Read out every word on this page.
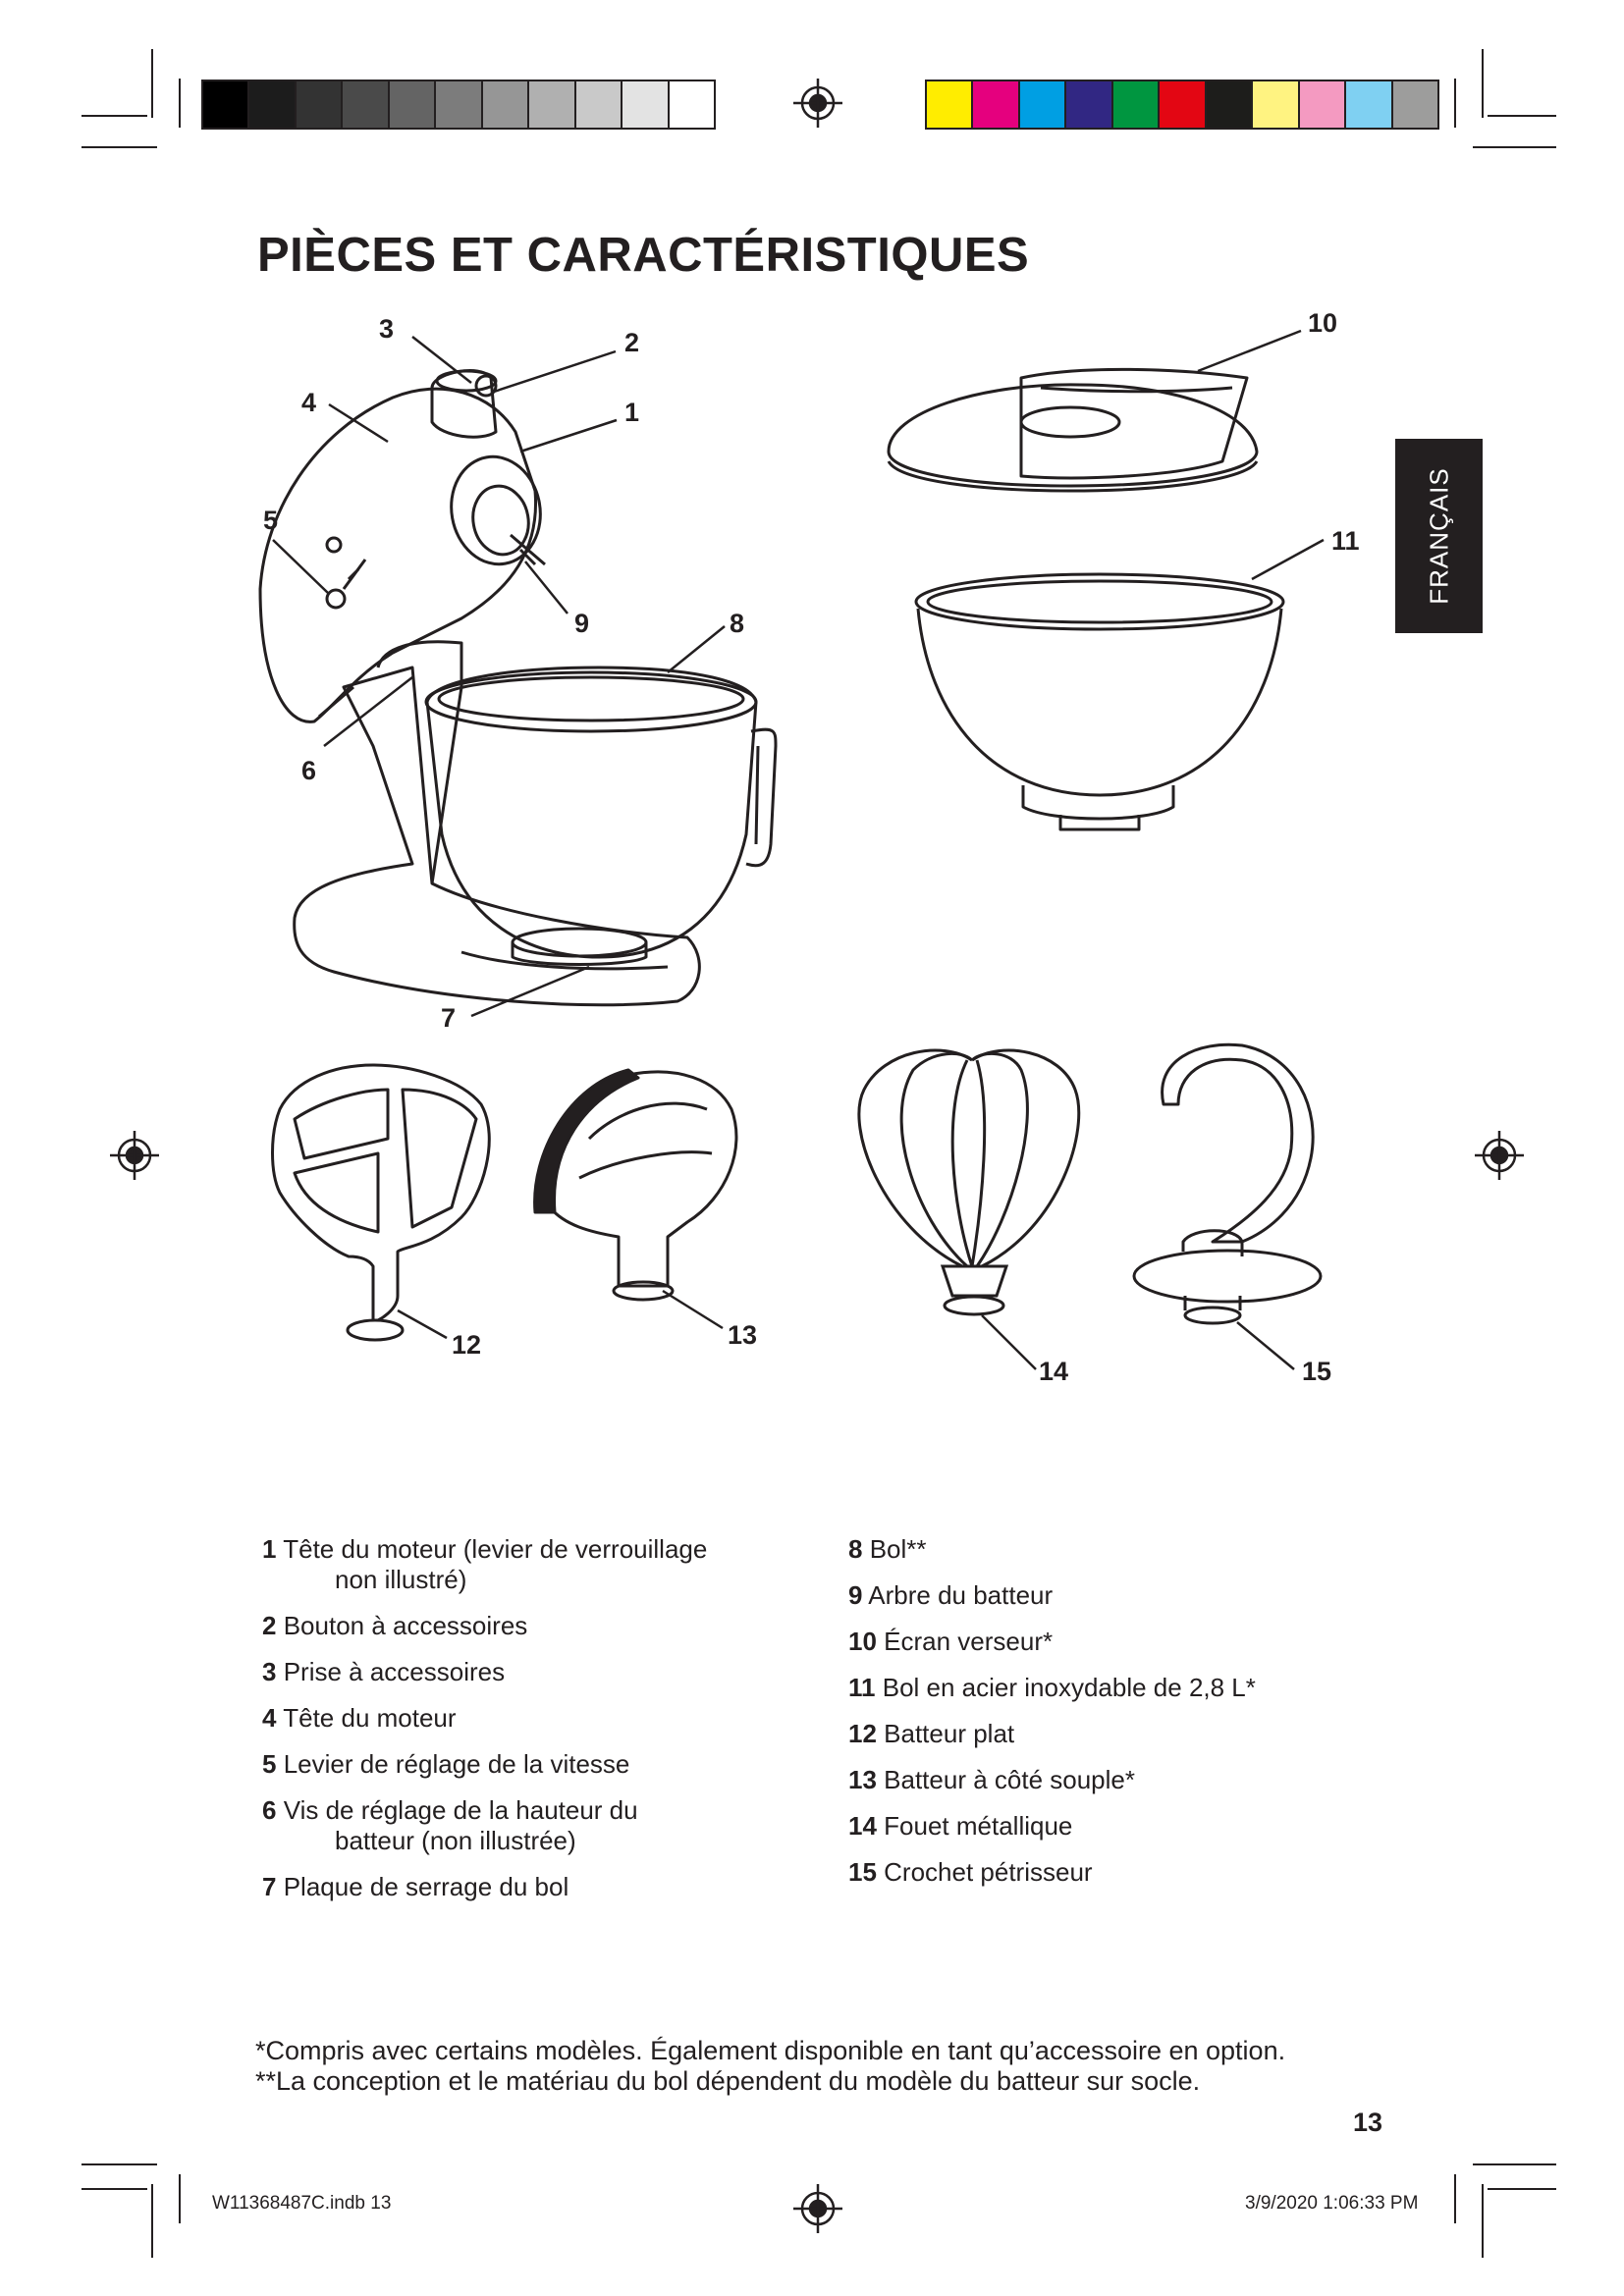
PIÈCES ET CARACTÉRISTIQUES
FRANÇAIS
2
3
1
4
5
6
7
8
9
10
11
12	13
14	15
1 Tête du moteur (levier de verrouillage
non illustré)
2 Bouton à accessoires
3 Prise à accessoires
4 Tête du moteur
5 Levier de réglage de la vitesse
6 Vis de réglage de la hauteur du
batteur (non illustrée)
7 Plaque de serrage du bol
8 Bol**
9 Arbre du batteur
10 Écran verseur*
11 Bol en acier inoxydable de 2,8 L*
12 Batteur plat
13 Batteur à côté souple*
14 Fouet métallique
15 Crochet pétrisseur
*Compris avec certains modèles. Également disponible en tant qu’accessoire en option.
**La conception et le matériau du bol dépendent du modèle du batteur sur socle.
13
W11368487C.indb 13	3/9/2020 1:06:33 PM
